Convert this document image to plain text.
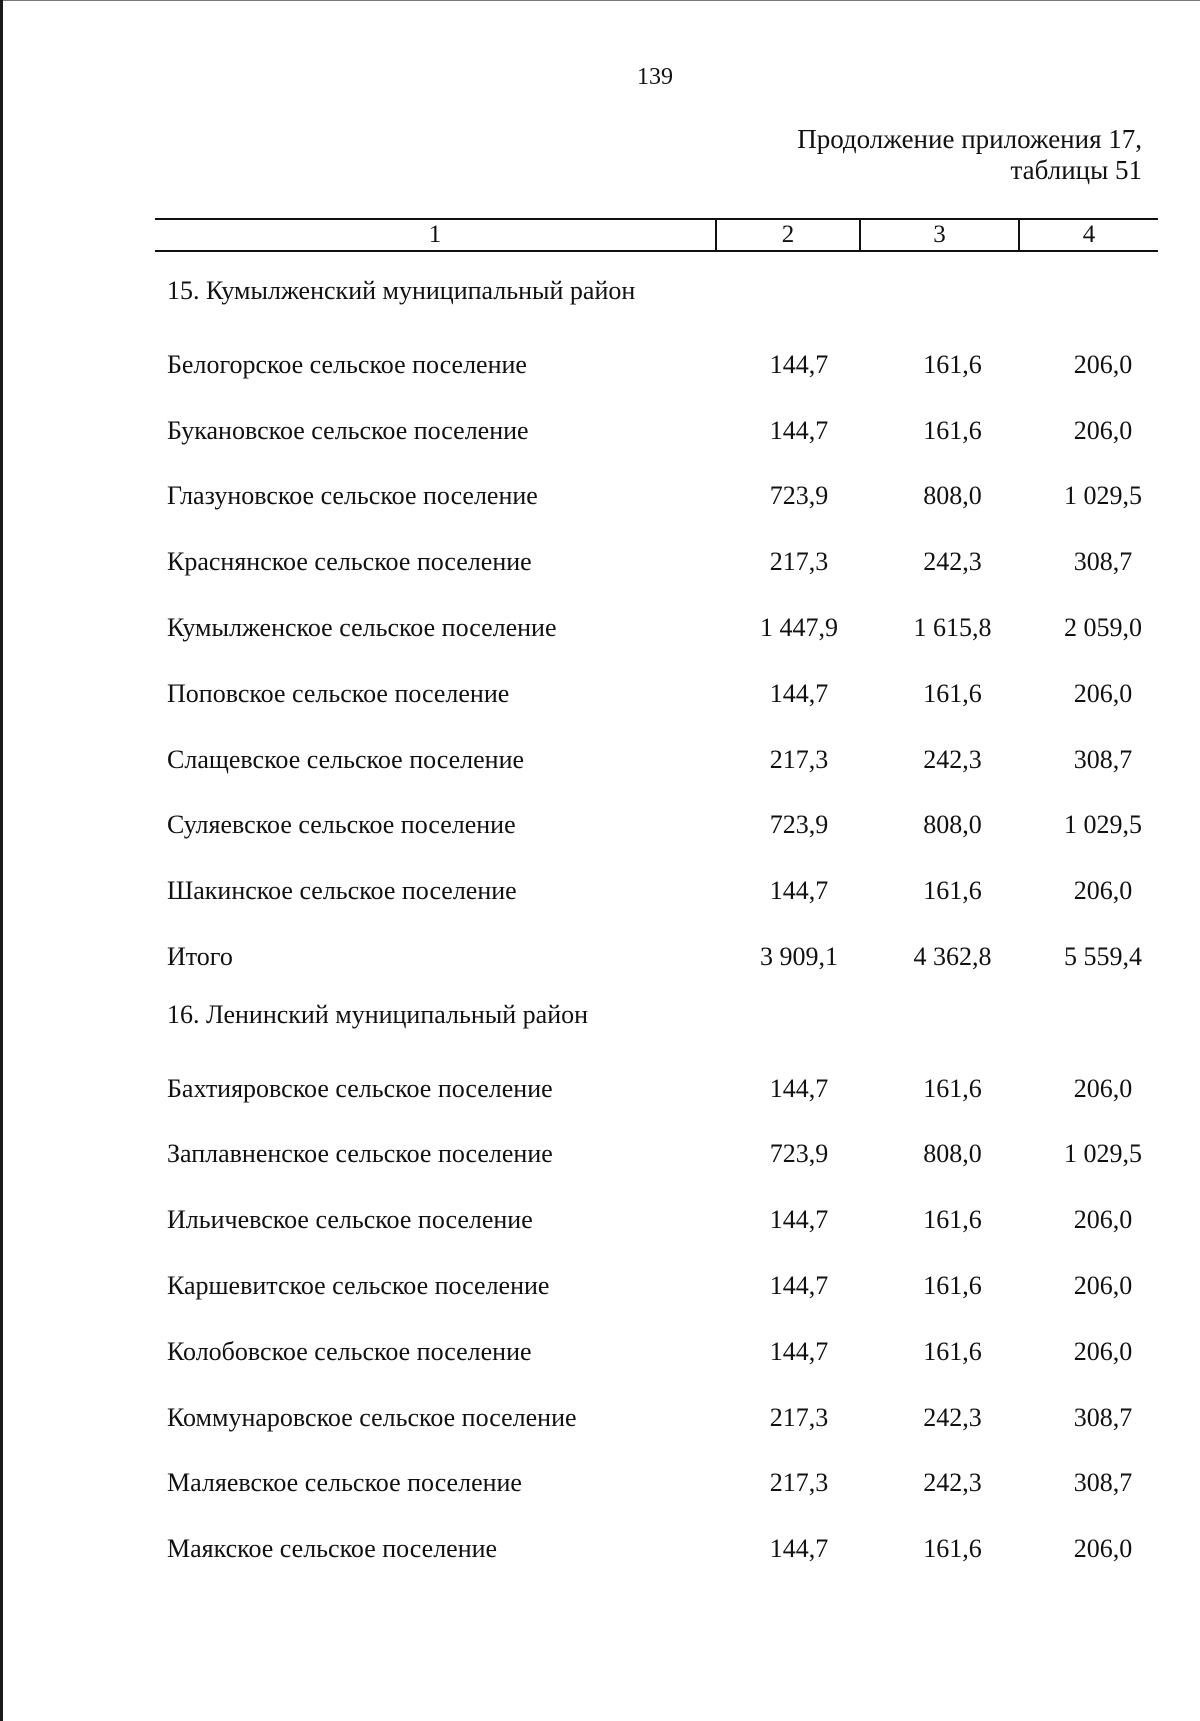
139
Продолжение приложения 17,
таблицы 51
1	2	3	4
15. Кумылженский муниципальный район
Белогорское сельское поселение	144,7	161,6	206,0
Букановское сельское поселение	144,7	161,6	206,0
Глазуновское сельское поселение	723,9	808,0	1 029,5
Краснянское сельское поселение	217,3	242,3	308,7
Кумылженское сельское поселение	1 447,9	1 615,8	2 059,0
Поповское сельское поселение	144,7	161,6	206,0
Слащевское сельское поселение	217,3	242,3	308,7
Суляевское сельское поселение	723,9	808,0	1 029,5
Шакинское сельское поселение	144,7	161,6	206,0
Итого	3 909,1	4 362,8	5 559,4
16. Ленинский муниципальный район
Бахтияровское сельское поселение	144,7	161,6	206,0
Заплавненское сельское поселение	723,9	808,0	1 029,5
Ильичевское сельское поселение	144,7	161,6	206,0
Каршевитское сельское поселение	144,7	161,6	206,0
Колобовское сельское поселение	144,7	161,6	206,0
Коммунаровское сельское поселение	217,3	242,3	308,7
Маляевское сельское поселение	217,3	242,3	308,7
Маякское сельское поселение	144,7	161,6	206,0
